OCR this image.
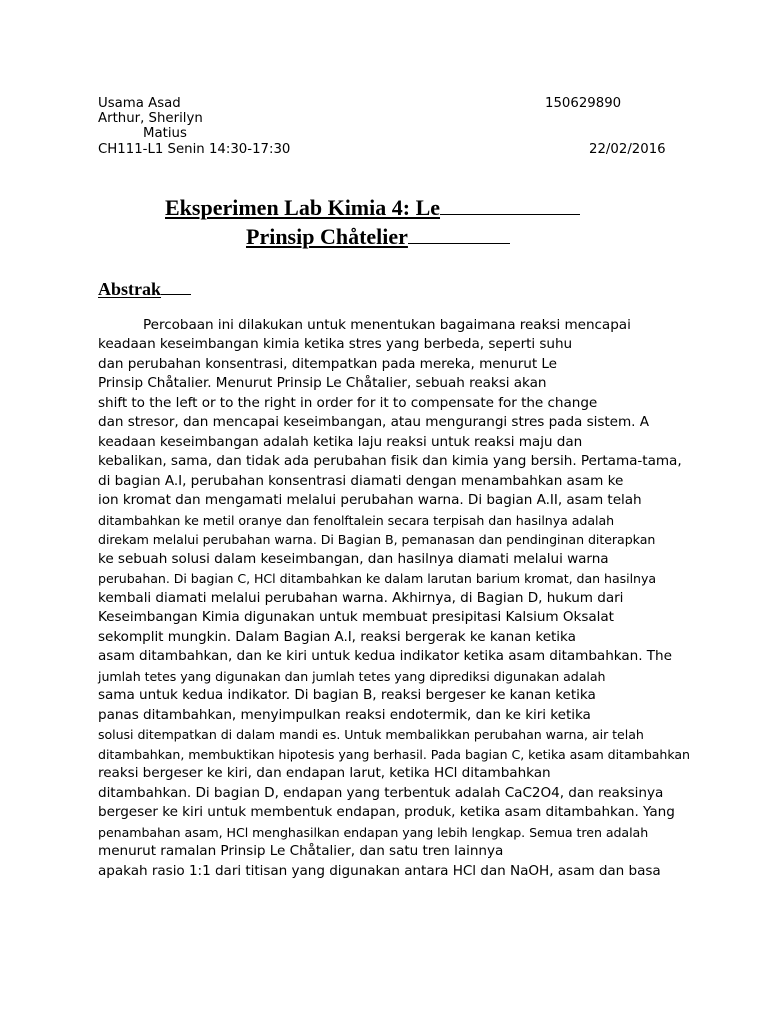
Usama Asad	150629890
Arthur, Sherilyn
Matius
CH111-L1 Senin 14:30-17:30	22/02/2016
Eksperimen Lab Kimia 4: Le
Prinsip Chåtelier
Abstrak
Percobaan ini dilakukan untuk menentukan bagaimana reaksi mencapai
keadaan keseimbangan kimia ketika stres yang berbeda, seperti suhu
dan perubahan konsentrasi, ditempatkan pada mereka, menurut Le
Prinsip Chåtalier. Menurut Prinsip Le Chåtalier, sebuah reaksi akan
shift to the left or to the right in order for it to compensate for the change
dan stresor, dan mencapai keseimbangan, atau mengurangi stres pada sistem. A
keadaan keseimbangan adalah ketika laju reaksi untuk reaksi maju dan
kebalikan, sama, dan tidak ada perubahan fisik dan kimia yang bersih. Pertama-tama,
di bagian A.I, perubahan konsentrasi diamati dengan menambahkan asam ke
ion kromat dan mengamati melalui perubahan warna. Di bagian A.II, asam telah
ditambahkan ke metil oranye dan fenolftalein secara terpisah dan hasilnya adalah
direkam melalui perubahan warna. Di Bagian B, pemanasan dan pendinginan diterapkan
ke sebuah solusi dalam keseimbangan, dan hasilnya diamati melalui warna
perubahan. Di bagian C, HCl ditambahkan ke dalam larutan barium kromat, dan hasilnya
kembali diamati melalui perubahan warna. Akhirnya, di Bagian D, hukum dari
Keseimbangan Kimia digunakan untuk membuat presipitasi Kalsium Oksalat
sekomplit mungkin. Dalam Bagian A.I, reaksi bergerak ke kanan ketika
asam ditambahkan, dan ke kiri untuk kedua indikator ketika asam ditambahkan. The
jumlah tetes yang digunakan dan jumlah tetes yang diprediksi digunakan adalah
sama untuk kedua indikator. Di bagian B, reaksi bergeser ke kanan ketika
panas ditambahkan, menyimpulkan reaksi endotermik, dan ke kiri ketika
solusi ditempatkan di dalam mandi es. Untuk membalikkan perubahan warna, air telah
ditambahkan, membuktikan hipotesis yang berhasil. Pada bagian C, ketika asam ditambahkan
reaksi bergeser ke kiri, dan endapan larut, ketika HCl ditambahkan
ditambahkan. Di bagian D, endapan yang terbentuk adalah CaC2O4, dan reaksinya
bergeser ke kiri untuk membentuk endapan, produk, ketika asam ditambahkan. Yang
penambahan asam, HCl menghasilkan endapan yang lebih lengkap. Semua tren adalah
menurut ramalan Prinsip Le Chåtalier, dan satu tren lainnya
apakah rasio 1:1 dari titisan yang digunakan antara HCl dan NaOH, asam dan basa
